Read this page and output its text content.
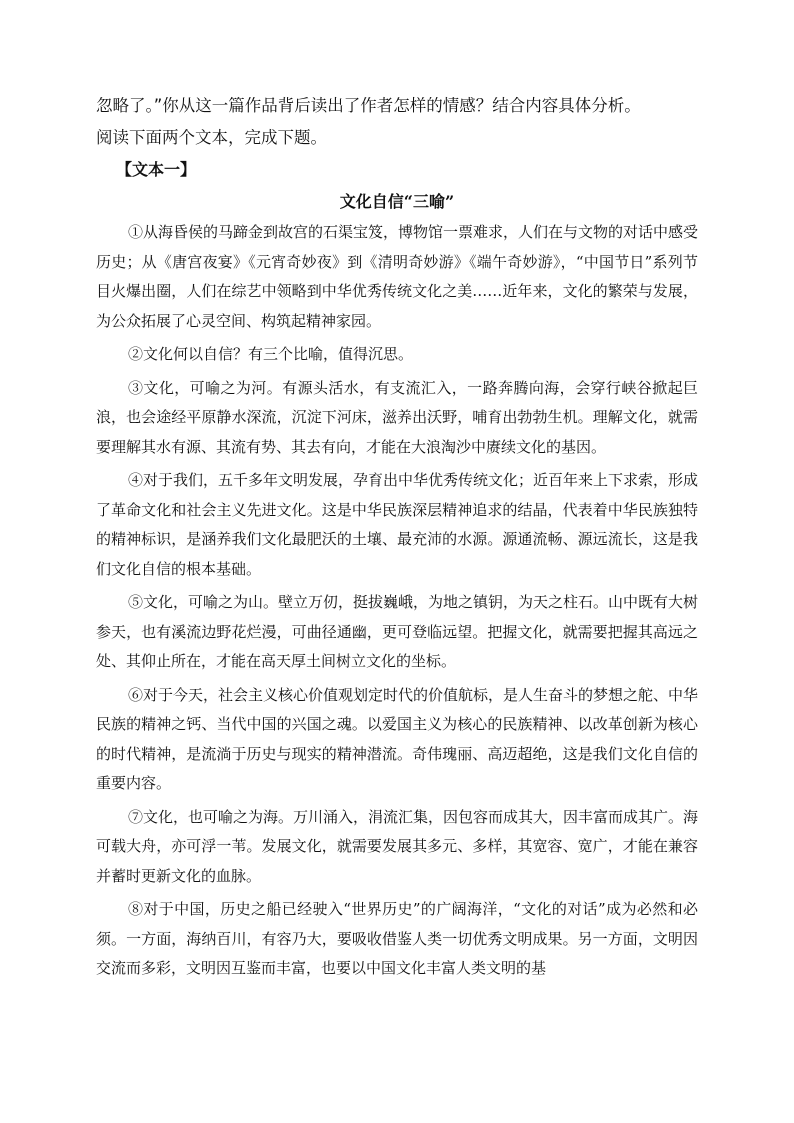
忽略了。”你从这一篇作品背后读出了作者怎样的情感？结合内容具体分析。
阅读下面两个文本，完成下题。
【文本一】
文化自信“三喻”

①从海昏侯的马蹄金到故宫的石渠宝笈，博物馆一票难求，人们在与文物的对话中感受历史；从《唐宫夜宴》《元宵奇妙夜》到《清明奇妙游》《端午奇妙游》，“中国节日”系列节目火爆出圈，人们在综艺中领略到中华优秀传统文化之美……近年来，文化的繁荣与发展，为公众拓展了心灵空间、构筑起精神家园。

②文化何以自信？有三个比喻，值得沉思。

③文化，可喻之为河。有源头活水，有支流汇入，一路奔腾向海，会穿行峡谷掀起巨浪，也会途经平原静水深流，沉淀下河床，滋养出沃野，哺育出勃勃生机。理解文化，就需要理解其水有源、其流有势、其去有向，才能在大浪淘沙中赓续文化的基因。

④对于我们，五千多年文明发展，孕育出中华优秀传统文化；近百年来上下求索，形成了革命文化和社会主义先进文化。这是中华民族深层精神追求的结晶，代表着中华民族独特的精神标识，是涵养我们文化最肥沃的土壤、最充沛的水源。源通流畅、源远流长，这是我们文化自信的根本基础。

⑤文化，可喻之为山。壁立万仞，挺拔巍峨，为地之镇钥，为天之柱石。山中既有大树参天，也有溪流边野花烂漫，可曲径通幽，更可登临远望。把握文化，就需要把握其高远之处、其仰止所在，才能在高天厚土间树立文化的坐标。

⑥对于今天，社会主义核心价值观划定时代的价值航标，是人生奋斗的梦想之舵、中华民族的精神之钙、当代中国的兴国之魂。以爱国主义为核心的民族精神、以改革创新为核心的时代精神，是流淌于历史与现实的精神潜流。奇伟瑰丽、高迈超绝，这是我们文化自信的重要内容。

⑦文化，也可喻之为海。万川涌入，涓流汇集，因包容而成其大，因丰富而成其广。海可载大舟，亦可浮一苇。发展文化，就需要发展其多元、多样，其宽容、宽广，才能在兼容并蓄时更新文化的血脉。

⑧对于中国，历史之船已经驶入“世界历史”的广阔海洋，“文化的对话”成为必然和必须。一方面，海纳百川，有容乃大，要吸收借鉴人类一切优秀文明成果。另一方面，文明因交流而多彩，文明因互鉴而丰富，也要以中国文化丰富人类文明的基
